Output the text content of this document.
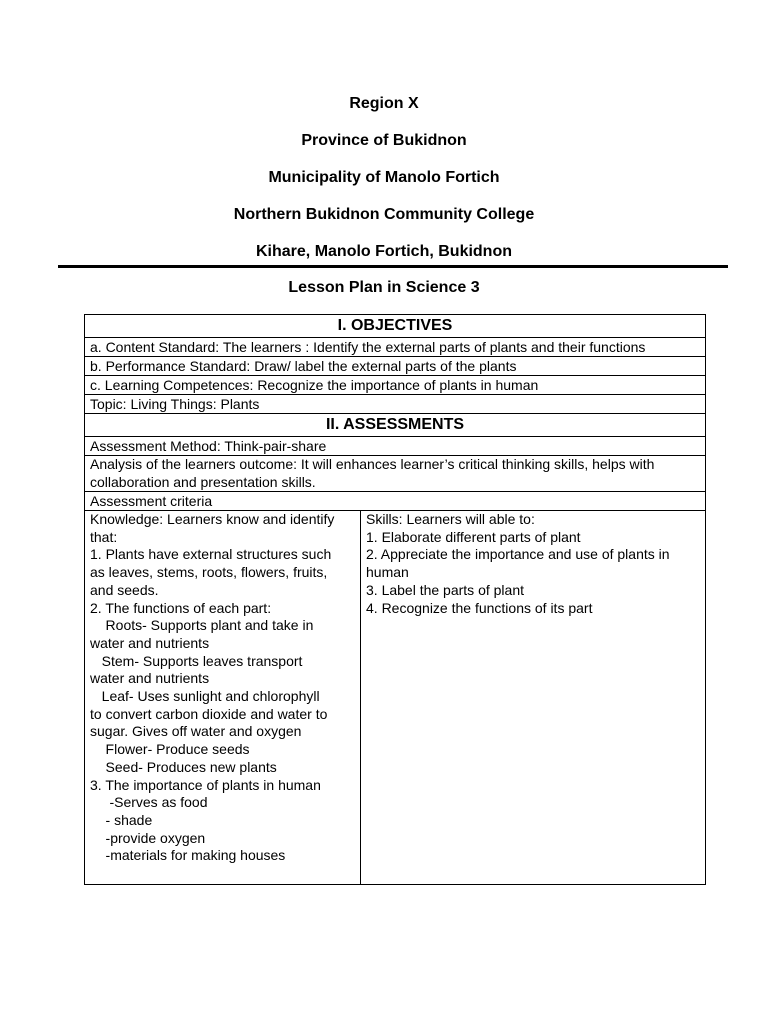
Region X
Province of Bukidnon
Municipality of Manolo Fortich
Northern Bukidnon Community College
Kihare, Manolo Fortich, Bukidnon
Lesson Plan in Science 3
I. OBJECTIVES
a. Content Standard: The learners : Identify the external parts of plants and their functions
b. Performance Standard: Draw/ label the external parts of the plants
c. Learning Competences: Recognize the importance of plants in human
Topic: Living Things: Plants
II. ASSESSMENTS
Assessment Method: Think-pair-share
Analysis of the learners outcome: It will enhances learner’s critical thinking skills, helps with
collaboration and presentation skills.
Assessment criteria
Knowledge: Learners know and identify
that:
1. Plants have external structures such
as leaves, stems, roots, flowers, fruits,
and seeds.
2. The functions of each part:
Roots- Supports plant and take in
water and nutrients
Stem- Supports leaves transport
water and nutrients
Leaf- Uses sunlight and chlorophyll
to convert carbon dioxide and water to
sugar. Gives off water and oxygen
Flower- Produce seeds
Seed- Produces new plants
3. The importance of plants in human
-Serves as food
- shade
-provide oxygen
-materials for making houses
Skills: Learners will able to:
1. Elaborate different parts of plant
2. Appreciate the importance and use of plants in
human
3. Label the parts of plant
4. Recognize the functions of its part
